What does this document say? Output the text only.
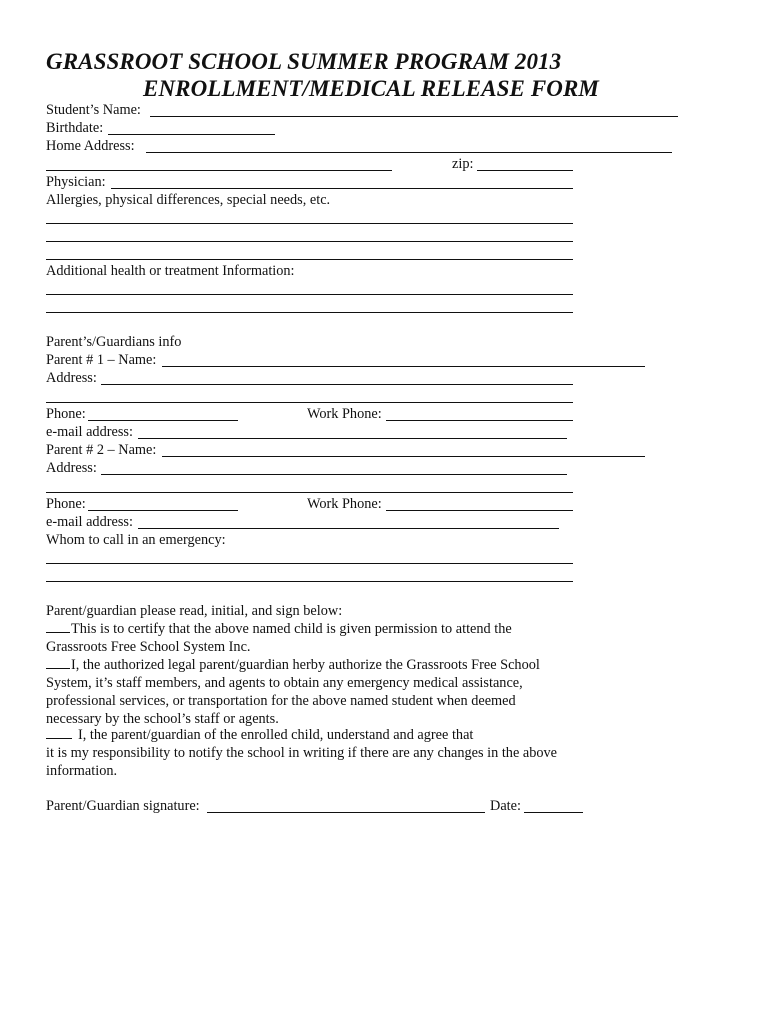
GRASSROOT SCHOOL SUMMER PROGRAM 2013
ENROLLMENT/MEDICAL RELEASE FORM
Student’s Name:
Birthdate:
Home Address:
zip:
Physician:
Allergies, physical differences, special needs, etc.
Additional health or treatment Information:
Parent’s/Guardians info
Parent # 1 – Name:
Address:
Phone:	Work Phone:
e-mail address:
Parent # 2 – Name:
Address:
Phone:	Work Phone:
e-mail address:
Whom to call in an emergency:
Parent/guardian please read, initial, and sign below:
This is to certify that the above named child is given permission to attend the
Grassroots Free School System Inc.
I, the authorized legal parent/guardian herby authorize the Grassroots Free School
System, it’s staff members, and agents to obtain any emergency medical assistance,
professional services, or transportation for the above named student when deemed
necessary by the school’s staff or agents.
I, the parent/guardian of the enrolled child, understand and agree that
it is my responsibility to notify the school in writing if there are any changes in the above
information.
Parent/Guardian signature:	Date:
